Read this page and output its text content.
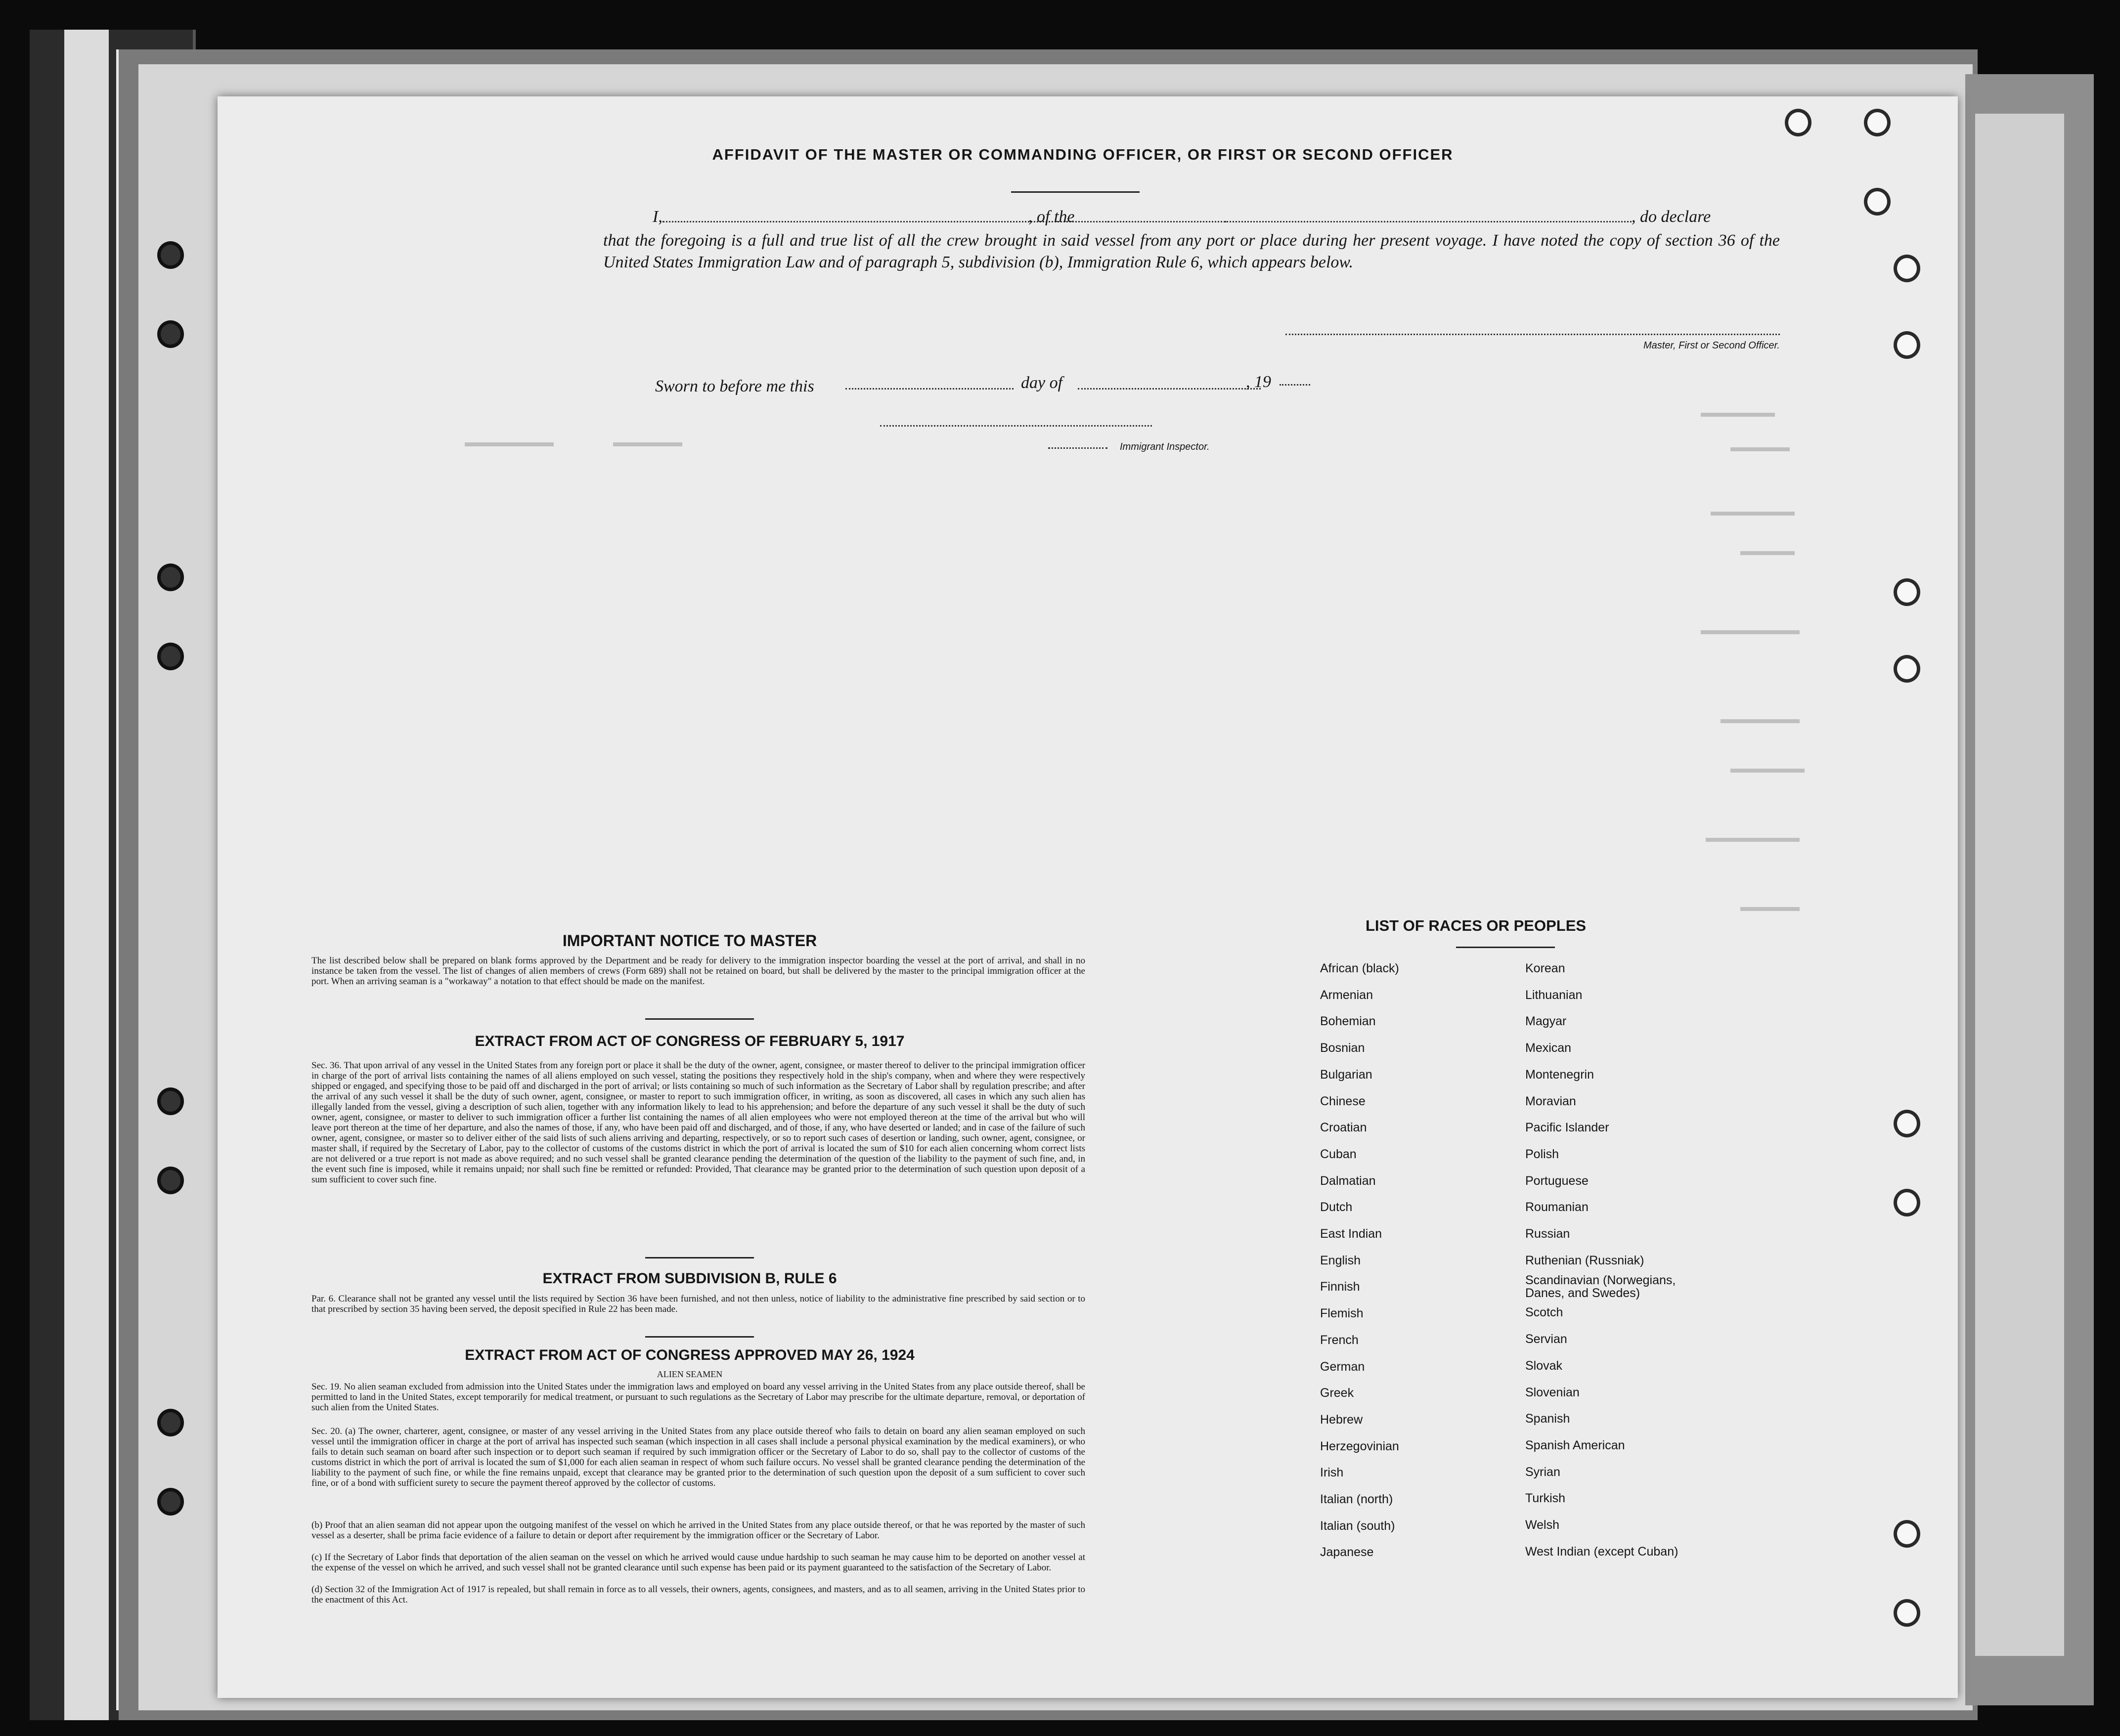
AFFIDAVIT OF THE MASTER OR COMMANDING OFFICER, OR FIRST OR SECOND OFFICER
I,	, of the	, do declare
that the foregoing is a full and true list of all the crew brought in said vessel from any port or place during her present voyage. I have noted the copy of section 36 of the United States Immigration Law and of paragraph 5, subdivision (b), Immigration Rule 6, which appears below.
Master, First or Second Officer.
Sworn to before me this	day of	, 19
Immigrant Inspector.
IMPORTANT NOTICE TO MASTER
The list described below shall be prepared on blank forms approved by the Department and be ready for delivery to the immigration inspector boarding the vessel at the port of arrival, and shall in no instance be taken from the vessel. The list of changes of alien members of crews (Form 689) shall not be retained on board, but shall be delivered by the master to the principal immigration officer at the port. When an arriving seaman is a "workaway" a notation to that effect should be made on the manifest.
EXTRACT FROM ACT OF CONGRESS OF FEBRUARY 5, 1917
Sec. 36. That upon arrival of any vessel in the United States from any foreign port or place it shall be the duty of the owner, agent, consignee, or master thereof to deliver to the principal immigration officer in charge of the port of arrival lists containing the names of all aliens employed on such vessel, stating the positions they respectively hold in the ship's company, when and where they were respectively shipped or engaged, and specifying those to be paid off and discharged in the port of arrival; or lists containing so much of such information as the Secretary of Labor shall by regulation prescribe; and after the arrival of any such vessel it shall be the duty of such owner, agent, consignee, or master to report to such immigration officer, in writing, as soon as discovered, all cases in which any such alien has illegally landed from the vessel, giving a description of such alien, together with any information likely to lead to his apprehension; and before the departure of any such vessel it shall be the duty of such owner, agent, consignee, or master to deliver to such immigration officer a further list containing the names of all alien employees who were not employed thereon at the time of the arrival but who will leave port thereon at the time of her departure, and also the names of those, if any, who have been paid off and discharged, and of those, if any, who have deserted or landed; and in case of the failure of such owner, agent, consignee, or master so to deliver either of the said lists of such aliens arriving and departing, respectively, or so to report such cases of desertion or landing, such owner, agent, consignee, or master shall, if required by the Secretary of Labor, pay to the collector of customs of the customs district in which the port of arrival is located the sum of $10 for each alien concerning whom correct lists are not delivered or a true report is not made as above required; and no such vessel shall be granted clearance pending the determination of the question of the liability to the payment of such fine, and, in the event such fine is imposed, while it remains unpaid; nor shall such fine be remitted or refunded: Provided, That clearance may be granted prior to the determination of such question upon deposit of a sum sufficient to cover such fine.
EXTRACT FROM SUBDIVISION B, RULE 6
Par. 6. Clearance shall not be granted any vessel until the lists required by Section 36 have been furnished, and not then unless, notice of liability to the administrative fine prescribed by said section or to that prescribed by section 35 having been served, the deposit specified in Rule 22 has been made.
EXTRACT FROM ACT OF CONGRESS APPROVED MAY 26, 1924
ALIEN SEAMEN
Sec. 19. No alien seaman excluded from admission into the United States under the immigration laws and employed on board any vessel arriving in the United States from any place outside thereof, shall be permitted to land in the United States, except temporarily for medical treatment, or pursuant to such regulations as the Secretary of Labor may prescribe for the ultimate departure, removal, or deportation of such alien from the United States.
Sec. 20. (a) The owner, charterer, agent, consignee, or master of any vessel arriving in the United States from any place outside thereof who fails to detain on board any alien seaman employed on such vessel until the immigration officer in charge at the port of arrival has inspected such seaman (which inspection in all cases shall include a personal physical examination by the medical examiners), or who fails to detain such seaman on board after such inspection or to deport such seaman if required by such immigration officer or the Secretary of Labor to do so, shall pay to the collector of customs of the customs district in which the port of arrival is located the sum of $1,000 for each alien seaman in respect of whom such failure occurs. No vessel shall be granted clearance pending the determination of the liability to the payment of such fine, or while the fine remains unpaid, except that clearance may be granted prior to the determination of such question upon the deposit of a sum sufficient to cover such fine, or of a bond with sufficient surety to secure the payment thereof approved by the collector of customs.
(b) Proof that an alien seaman did not appear upon the outgoing manifest of the vessel on which he arrived in the United States from any place outside thereof, or that he was reported by the master of such vessel as a deserter, shall be prima facie evidence of a failure to detain or deport after requirement by the immigration officer or the Secretary of Labor.
(c) If the Secretary of Labor finds that deportation of the alien seaman on the vessel on which he arrived would cause undue hardship to such seaman he may cause him to be deported on another vessel at the expense of the vessel on which he arrived, and such vessel shall not be granted clearance until such expense has been paid or its payment guaranteed to the satisfaction of the Secretary of Labor.
(d) Section 32 of the Immigration Act of 1917 is repealed, but shall remain in force as to all vessels, their owners, agents, consignees, and masters, and as to all seamen, arriving in the United States prior to the enactment of this Act.
LIST OF RACES OR PEOPLES
African (black)
Armenian
Bohemian
Bosnian
Bulgarian
Chinese
Croatian
Cuban
Dalmatian
Dutch
East Indian
English
Finnish
Flemish
French
German
Greek
Hebrew
Herzegovinian
Irish
Italian (north)
Italian (south)
Japanese
Korean
Lithuanian
Magyar
Mexican
Montenegrin
Moravian
Pacific Islander
Polish
Portuguese
Roumanian
Russian
Ruthenian (Russniak)
Scandinavian (Norwegians,
Danes, and Swedes)
Scotch
Servian
Slovak
Slovenian
Spanish
Spanish American
Syrian
Turkish
Welsh
West Indian (except Cuban)
